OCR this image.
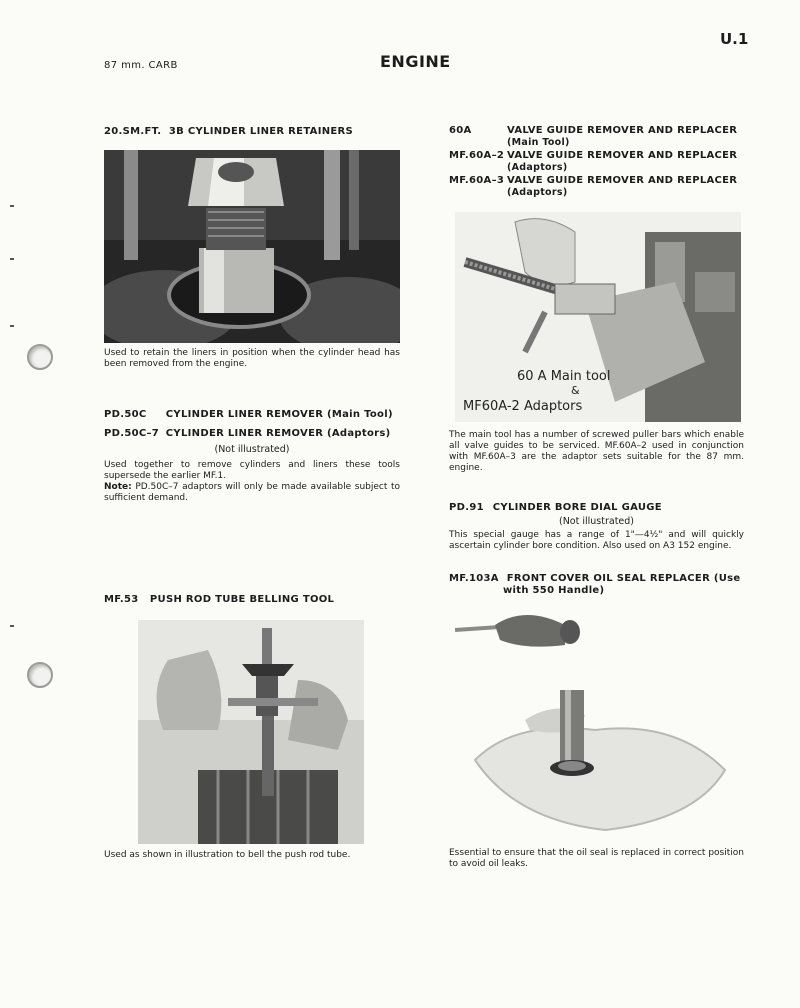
87 mm. CARB	ENGINE
U.1
20.SM.FT. 3B CYLINDER LINER RETAINERS
Used to retain the liners in position when the cylinder head has been removed from the engine.
PD.50C CYLINDER LINER REMOVER (Main Tool)
PD.50C–7 CYLINDER LINER REMOVER (Adaptors)
(Not illustrated)
Used together to remove cylinders and liners these tools supersede the earlier MF.1.
Note: PD.50C–7 adaptors will only be made available subject to sufficient demand.
MF.53 PUSH ROD TUBE BELLING TOOL
Used as shown in illustration to bell the push rod tube.
60A	VALVE GUIDE REMOVER AND REPLACER
(Main Tool)
MF.60A–2 VALVE GUIDE REMOVER AND REPLACER
(Adaptors)
MF.60A–3 VALVE GUIDE REMOVER AND REPLACER
(Adaptors)
60 A Main tool
&
MF60A-2 Adaptors
The main tool has a number of screwed puller bars which enable all valve guides to be serviced. MF.60A–2 used in conjunction with MF.60A–3 are the adaptor sets suitable for the 87 mm. engine.
PD.91 CYLINDER BORE DIAL GAUGE
(Not illustrated)
This special gauge has a range of 1"—4½" and will quickly ascertain cylinder bore condition. Also used on A3 152 engine.
MF.103A FRONT COVER OIL SEAL REPLACER (Use
with 550 Handle)
Essential to ensure that the oil seal is replaced in correct position to avoid oil leaks.
